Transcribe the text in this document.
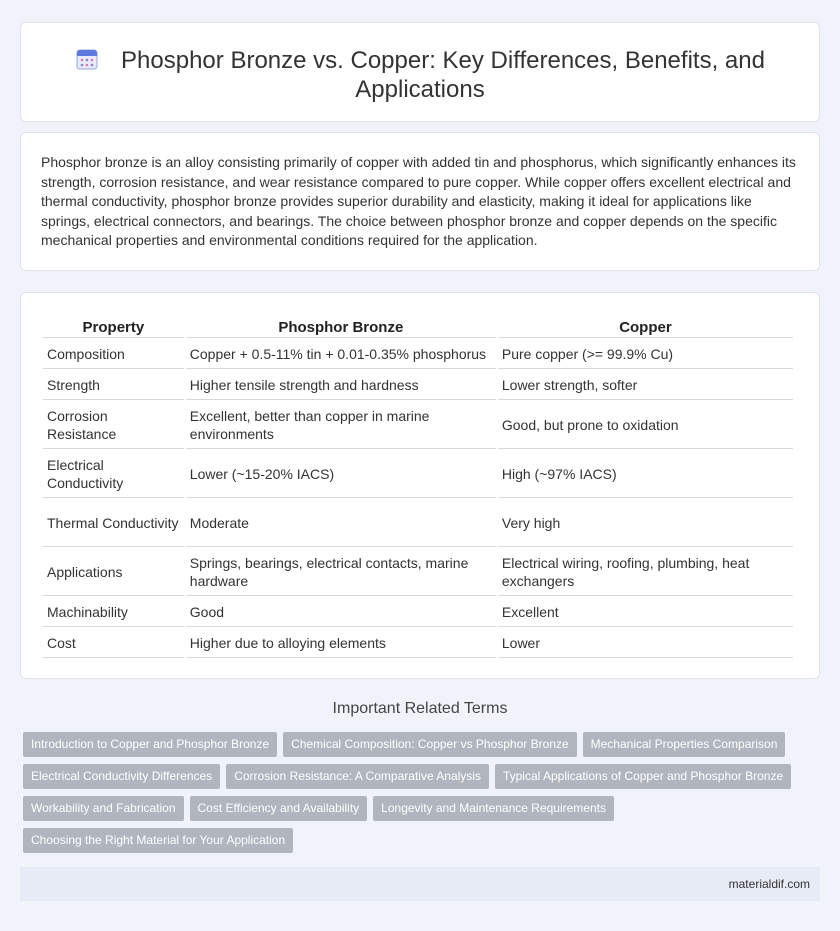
Phosphor Bronze vs. Copper: Key Differences, Benefits, and Applications

Phosphor bronze is an alloy consisting primarily of copper with added tin and phosphorus, which significantly enhances its strength, corrosion resistance, and wear resistance compared to pure copper. While copper offers excellent electrical and thermal conductivity, phosphor bronze provides superior durability and elasticity, making it ideal for applications like springs, electrical connectors, and bearings. The choice between phosphor bronze and copper depends on the specific mechanical properties and environmental conditions required for the application.

Property	Phosphor Bronze	Copper
Composition	Copper + 0.5-11% tin + 0.01-0.35% phosphorus	Pure copper (>= 99.9% Cu)
Strength	Higher tensile strength and hardness	Lower strength, softer
Corrosion Resistance	Excellent, better than copper in marine environments	Good, but prone to oxidation
Electrical Conductivity	Lower (~15-20% IACS)	High (~97% IACS)
Thermal Conductivity	Moderate	Very high
Applications	Springs, bearings, electrical contacts, marine hardware	Electrical wiring, roofing, plumbing, heat exchangers
Machinability	Good	Excellent
Cost	Higher due to alloying elements	Lower
Important Related Terms
Introduction to Copper and Phosphor Bronze Chemical Composition: Copper vs Phosphor Bronze Mechanical Properties Comparison
Electrical Conductivity Differences Corrosion Resistance: A Comparative Analysis Typical Applications of Copper and Phosphor Bronze
Workability and Fabrication Cost Efficiency and Availability Longevity and Maintenance Requirements
Choosing the Right Material for Your Application
materialdif.com
